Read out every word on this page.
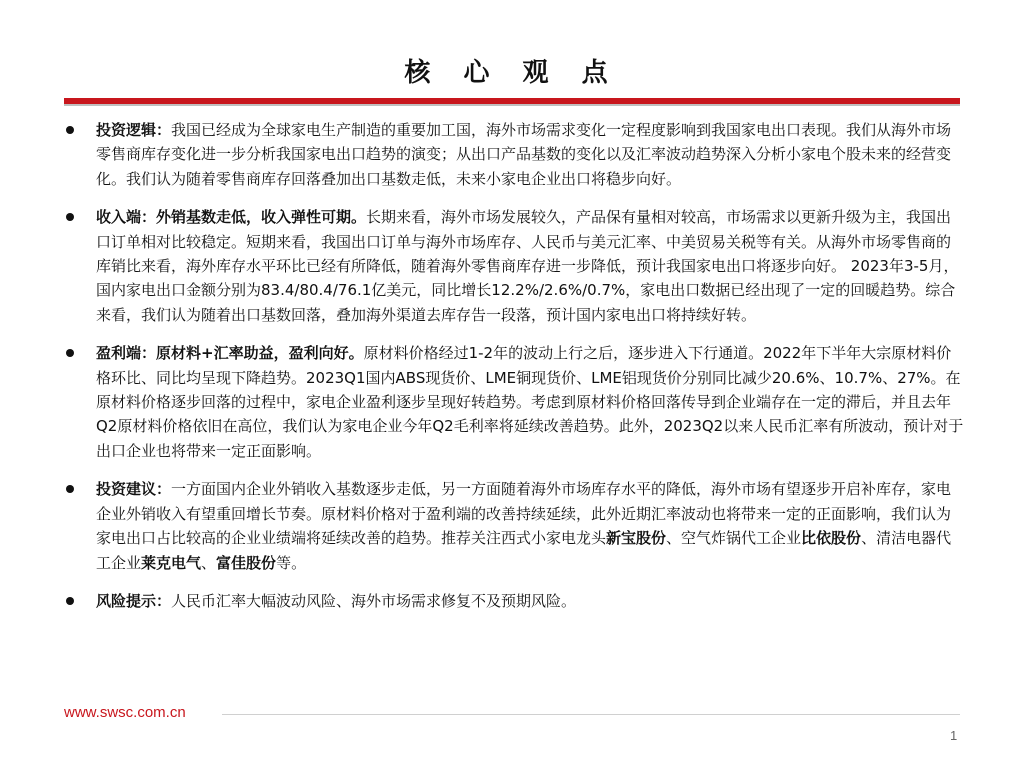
核 心 观 点
投资逻辑：我国已经成为全球家电生产制造的重要加工国，海外市场需求变化一定程度影响到我国家电出口表现。我们从海外市场零售商库存变化进一步分析我国家电出口趋势的演变；从出口产品基数的变化以及汇率波动趋势深入分析小家电个股未来的经营变化。我们认为随着零售商库存回落叠加出口基数走低，未来小家电企业出口将稳步向好。
收入端：外销基数走低，收入弹性可期。长期来看，海外市场发展较久，产品保有量相对较高，市场需求以更新升级为主，我国出口订单相对比较稳定。短期来看，我国出口订单与海外市场库存、人民币与美元汇率、中美贸易关税等有关。从海外市场零售商的库销比来看，海外库存水平环比已经有所降低，随着海外零售商库存进一步降低，预计我国家电出口将逐步向好。 2023年3-5月，国内家电出口金额分别为83.4/80.4/76.1亿美元，同比增长12.2%/2.6%/0.7%，家电出口数据已经出现了一定的回暖趋势。综合来看，我们认为随着出口基数回落，叠加海外渠道去库存告一段落，预计国内家电出口将持续好转。
盈利端：原材料+汇率助益，盈利向好。原材料价格经过1-2年的波动上行之后，逐步进入下行通道。2022年下半年大宗原材料价格环比、同比均呈现下降趋势。2023Q1国内ABS现货价、LME铜现货价、LME铝现货价分别同比减少20.6%、10.7%、27%。在原材料价格逐步回落的过程中，家电企业盈利逐步呈现好转趋势。考虑到原材料价格回落传导到企业端存在一定的滞后，并且去年Q2原材料价格依旧在高位，我们认为家电企业今年Q2毛利率将延续改善趋势。此外，2023Q2以来人民币汇率有所波动，预计对于出口企业也将带来一定正面影响。
投资建议：一方面国内企业外销收入基数逐步走低，另一方面随着海外市场库存水平的降低，海外市场有望逐步开启补库存，家电企业外销收入有望重回增长节奏。原材料价格对于盈利端的改善持续延续，此外近期汇率波动也将带来一定的正面影响，我们认为家电出口占比较高的企业业绩端将延续改善的趋势。推荐关注西式小家电龙头新宝股份、空气炸锅代工企业比依股份、清洁电器代工企业莱克电气、富佳股份等。
风险提示：人民币汇率大幅波动风险、海外市场需求修复不及预期风险。
www.swsc.com.cn
1
